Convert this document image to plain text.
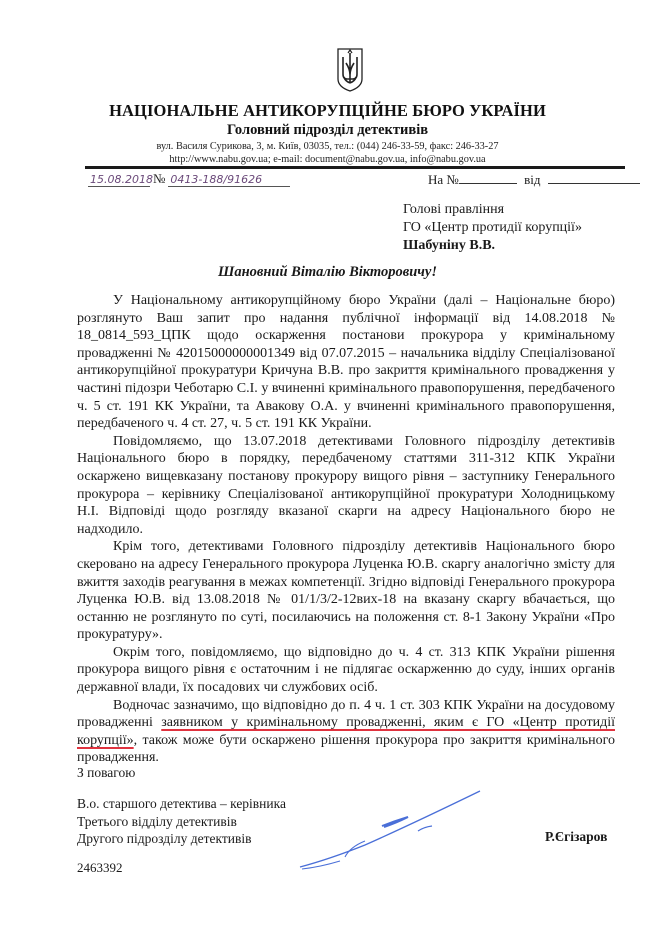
НАЦІОНАЛЬНЕ АНТИКОРУПЦІЙНЕ БЮРО УКРАЇНИ
Головний підрозділ детективів
вул. Василя Сурикова, 3, м. Київ, 03035, тел.: (044) 246-33-59, факс: 246-33-27
http://www.nabu.gov.ua; e-mail: document@nabu.gov.ua, info@nabu.gov.ua
15.08.2018№ 0413-188/91626	На №	від
Голові правління
ГО «Центр протидії корупції»
Шабуніну В.В.
Шановний Віталію Вікторовичу!

У Національному антикорупційному бюро України (далі – Національне бюро) розглянуто Ваш запит про надання публічної інформації від 14.08.2018 № 18_0814_593_ЦПК щодо оскарження постанови прокурора у кримінальному провадженні № 42015000000001349 від 07.07.2015 – начальника відділу Спеціалізованої антикорупційної прокуратури Кричуна В.В. про закриття кримінального провадження у частині підозри Чеботарю С.І. у вчиненні кримінального правопорушення, передбаченого ч. 5 ст. 191 КК України, та Авакову О.А. у вчиненні кримінального правопорушення, передбаченого ч. 4 ст. 27, ч. 5 ст. 191 КК України.

Повідомляємо, що 13.07.2018 детективами Головного підрозділу детективів Національного бюро в порядку, передбаченому статтями 311-312 КПК України оскаржено вищевказану постанову прокурору вищого рівня – заступнику Генерального прокурора – керівнику Спеціалізованої антикорупційної прокуратури Холодницькому Н.І. Відповіді щодо розгляду вказаної скарги на адресу Національного бюро не надходило.

Крім того, детективами Головного підрозділу детективів Національного бюро скеровано на адресу Генерального прокурора Луценка Ю.В. скаргу аналогічно змісту для вжиття заходів реагування в межах компетенції. Згідно відповіді Генерального прокурора Луценка Ю.В. від 13.08.2018 № 01/1/3/2-12вих-18 на вказану скаргу вбачається, що останню не розглянуто по суті, посилаючись на положення ст. 8-1 Закону України «Про прокуратуру».

Окрім того, повідомляємо, що відповідно до ч. 4 ст. 313 КПК України рішення прокурора вищого рівня є остаточним і не підлягає оскарженню до суду, інших органів державної влади, їх посадових чи службових осіб.

Водночас зазначимо, що відповідно до п. 4 ч. 1 ст. 303 КПК України на досудовому провадженні заявником у кримінальному провадженні, яким є ГО «Центр протидії корупції», також може бути оскаржено рішення прокурора про закриття кримінального провадження.

З повагою
В.о. старшого детектива – керівника
Третього відділу детективів
Другого підрозділу детективів	Р.Єгізаров
2463392
